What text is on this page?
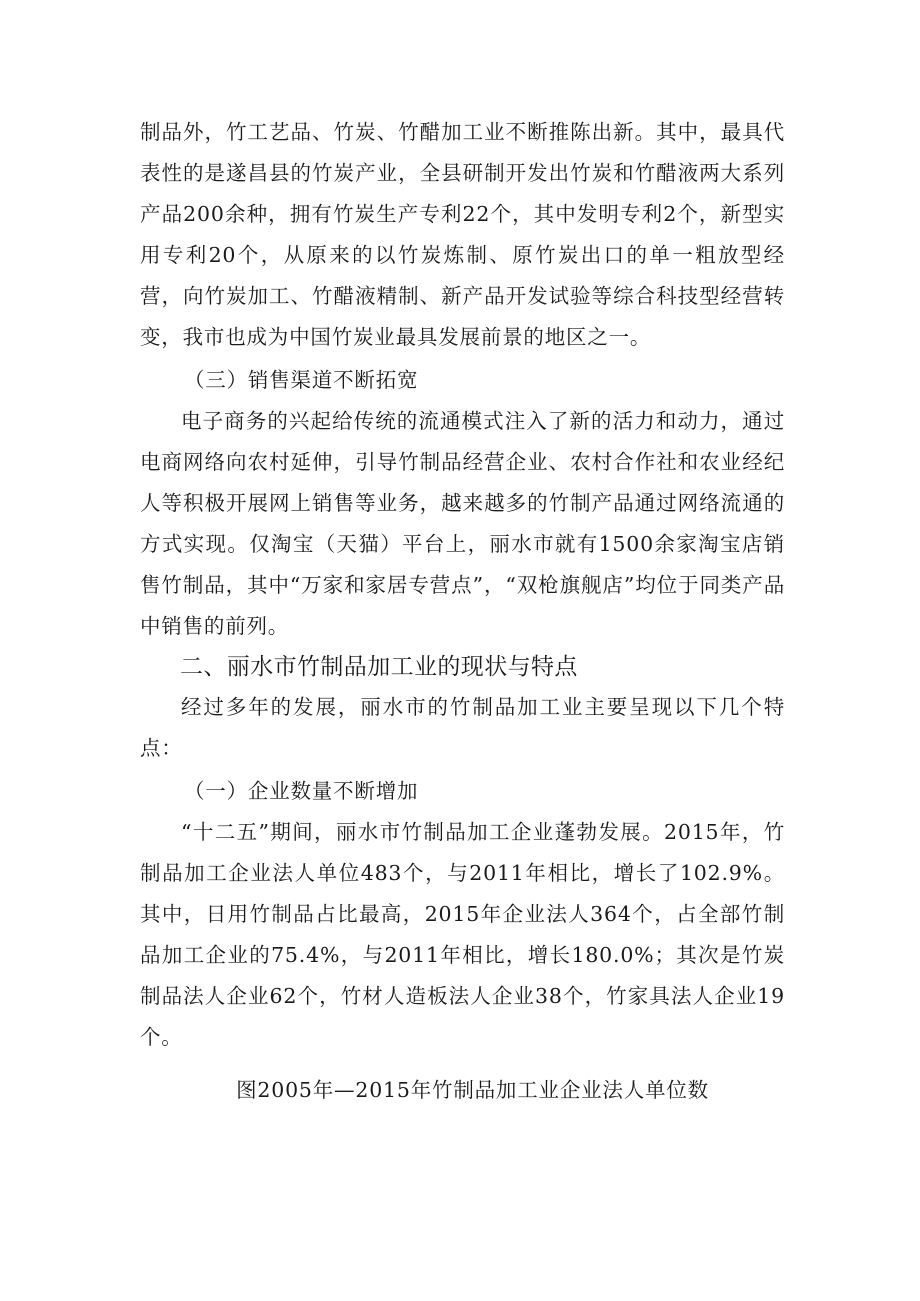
制品外，竹工艺品、竹炭、竹醋加工业不断推陈出新。其中，最具代表性的是遂昌县的竹炭产业，全县研制开发出竹炭和竹醋液两大系列产品200余种，拥有竹炭生产专利22个，其中发明专利2个，新型实用专利20个，从原来的以竹炭炼制、原竹炭出口的单一粗放型经营，向竹炭加工、竹醋液精制、新产品开发试验等综合科技型经营转变，我市也成为中国竹炭业最具发展前景的地区之一。

（三）销售渠道不断拓宽

电子商务的兴起给传统的流通模式注入了新的活力和动力，通过电商网络向农村延伸，引导竹制品经营企业、农村合作社和农业经纪人等积极开展网上销售等业务，越来越多的竹制产品通过网络流通的方式实现。仅淘宝（天猫）平台上，丽水市就有1500余家淘宝店销售竹制品，其中“万家和家居专营点”，“双枪旗舰店”均位于同类产品中销售的前列。

二、丽水市竹制品加工业的现状与特点

经过多年的发展，丽水市的竹制品加工业主要呈现以下几个特点：

（一）企业数量不断增加

“十二五”期间，丽水市竹制品加工企业蓬勃发展。2015年，竹制品加工企业法人单位483个，与2011年相比，增长了102.9%。其中，日用竹制品占比最高，2015年企业法人364个，占全部竹制品加工企业的75.4%，与2011年相比，增长180.0%；其次是竹炭制品法人企业62个，竹材人造板法人企业38个，竹家具法人企业19个。

图2005年—2015年竹制品加工业企业法人单位数
